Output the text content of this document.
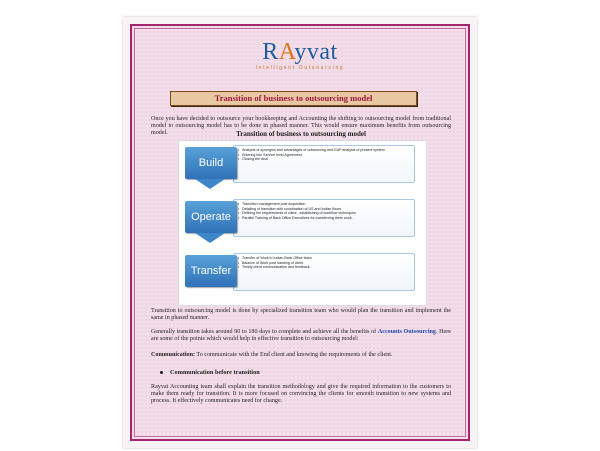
RAyvat
Intelligent Outsourcing
Transition of business to outsourcing model
Once you have decided to outsource your bookkeeping and Accounting the shifting to outsourcing model from traditional model to outsourcing model has to be done in phased manner. This would ensure maximum benefits from outsourcing model.	Transition of business to outsourcing model
• Analysis of synergies and advantages of outsourcing and GAP analysis of present system
• Entering into Service level Agreement.
• Closing the deal
Build
• Transition management post acquisition
• Detailing of transition with coordination of US and Indian floors
• Defining the requirements of client , establishing of workflow techniques
• Parallel Training of Back Office Executives for transferring there work.
Operate
• Transfer of Work to Indian Back Office team
• Balance of Work post handing of client
• Timely client communication and feedback.
Transfer
Transition to outsourcing model is done by specialized transition team who would plan the transition and implement the same in phased manner.
Generally transition takes around 90 to 180 days to complete and achieve all the benefits of Accounts Outsourcing. Here are some of the points which would help in effective transition to outsourcing model:
Communication: To communicate with the End client and knowing the requirements of the client.
Communication before transition
Rayvat Accounting team shall explain the transition methodology and give the required information to the customers to make them ready for transition. It is more focused on convincing the clients for smooth transition to new systems and process. It effectively communicates need for change.
